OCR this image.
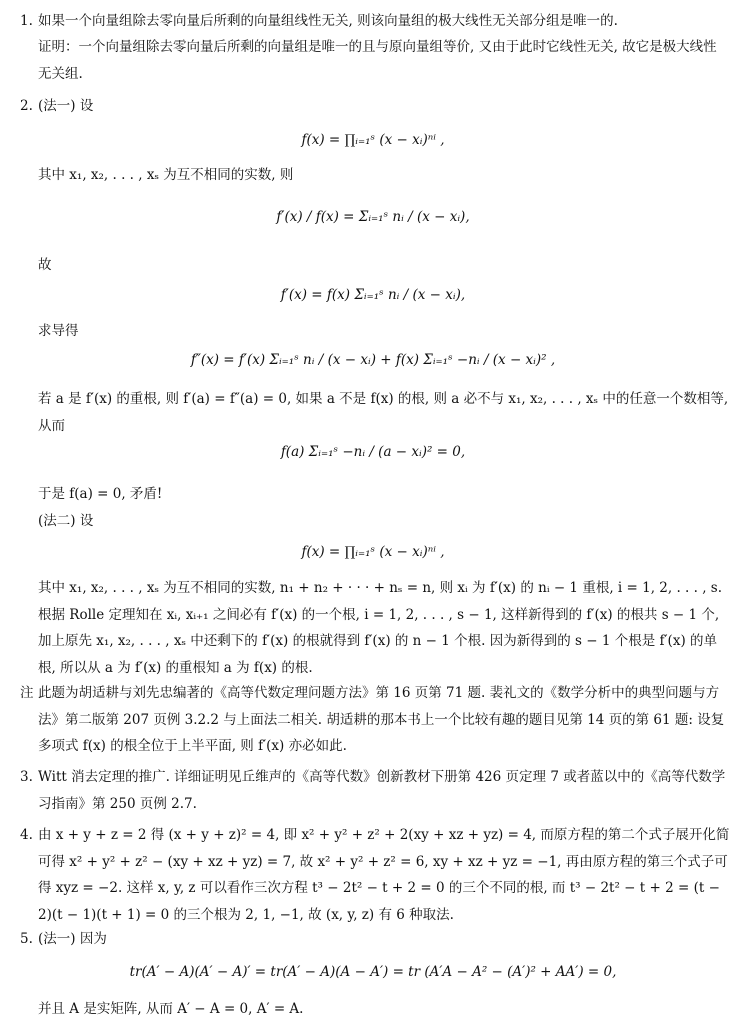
1. 如果一个向量组除去零向量后所剩的向量组线性无关, 则该向量组的极大线性无关部分组是唯一的.
证明：一个向量组除去零向量后所剩的向量组是唯一的且与原向量组等价, 又由于此时它线性无关, 故它是极大线性无关组.
2. (法一) 设
f(x) = ∏ᵢ₌₁ˢ (x − xᵢ)ⁿⁱ ,
其中 x₁, x₂, . . . , xₛ 为互不相同的实数, 则
f′(x) / f(x) = Σᵢ₌₁ˢ nᵢ / (x − xᵢ),
故
f′(x) = f(x) Σᵢ₌₁ˢ nᵢ / (x − xᵢ),
求导得
f″(x) = f′(x) Σᵢ₌₁ˢ nᵢ / (x − xᵢ) + f(x) Σᵢ₌₁ˢ −nᵢ / (x − xᵢ)² ,
若 a 是 f′(x) 的重根, 则 f′(a) = f″(a) = 0, 如果 a 不是 f(x) 的根, 则 a 必不与 x₁, x₂, . . . , xₛ 中的任意一个数相等, 从而
f(a) Σᵢ₌₁ˢ −nᵢ / (a − xᵢ)² = 0,
于是 f(a) = 0, 矛盾!
(法二) 设
f(x) = ∏ᵢ₌₁ˢ (x − xᵢ)ⁿⁱ ,
其中 x₁, x₂, . . . , xₛ 为互不相同的实数, n₁ + n₂ + · · · + nₛ = n, 则 xᵢ 为 f′(x) 的 nᵢ − 1 重根, i = 1, 2, . . . , s. 根据 Rolle 定理知在 xᵢ, xᵢ₊₁ 之间必有 f′(x) 的一个根, i = 1, 2, . . . , s − 1, 这样新得到的 f′(x) 的根共 s − 1 个, 加上原先 x₁, x₂, . . . , xₛ 中还剩下的 f′(x) 的根就得到 f′(x) 的 n − 1 个根. 因为新得到的 s − 1 个根是 f′(x) 的单根, 所以从 a 为 f′(x) 的重根知 a 为 f(x) 的根.
注 此题为胡适耕与刘先忠编著的《高等代数定理问题方法》第 16 页第 71 题. 裴礼文的《数学分析中的典型问题与方法》第二版第 207 页例 3.2.2 与上面法二相关. 胡适耕的那本书上一个比较有趣的题目见第 14 页的第 61 题: 设复多项式 f(x) 的根全位于上半平面, 则 f′(x) 亦必如此.
3. Witt 消去定理的推广. 详细证明见丘维声的《高等代数》创新教材下册第 426 页定理 7 或者蓝以中的《高等代数学习指南》第 250 页例 2.7.
4. 由 x + y + z = 2 得 (x + y + z)² = 4, 即 x² + y² + z² + 2(xy + xz + yz) = 4, 而原方程的第二个式子展开化简可得 x² + y² + z² − (xy + xz + yz) = 7, 故 x² + y² + z² = 6, xy + xz + yz = −1, 再由原方程的第三个式子可得 xyz = −2. 这样 x, y, z 可以看作三次方程 t³ − 2t² − t + 2 = 0 的三个不同的根, 而 t³ − 2t² − t + 2 = (t − 2)(t − 1)(t + 1) = 0 的三个根为 2, 1, −1, 故 (x, y, z) 有 6 种取法.
5. (法一) 因为
tr(A′ − A)(A′ − A)′ = tr(A′ − A)(A − A′) = tr (A′A − A² − (A′)² + AA′) = 0,
并且 A 是实矩阵, 从而 A′ − A = 0, A′ = A.
